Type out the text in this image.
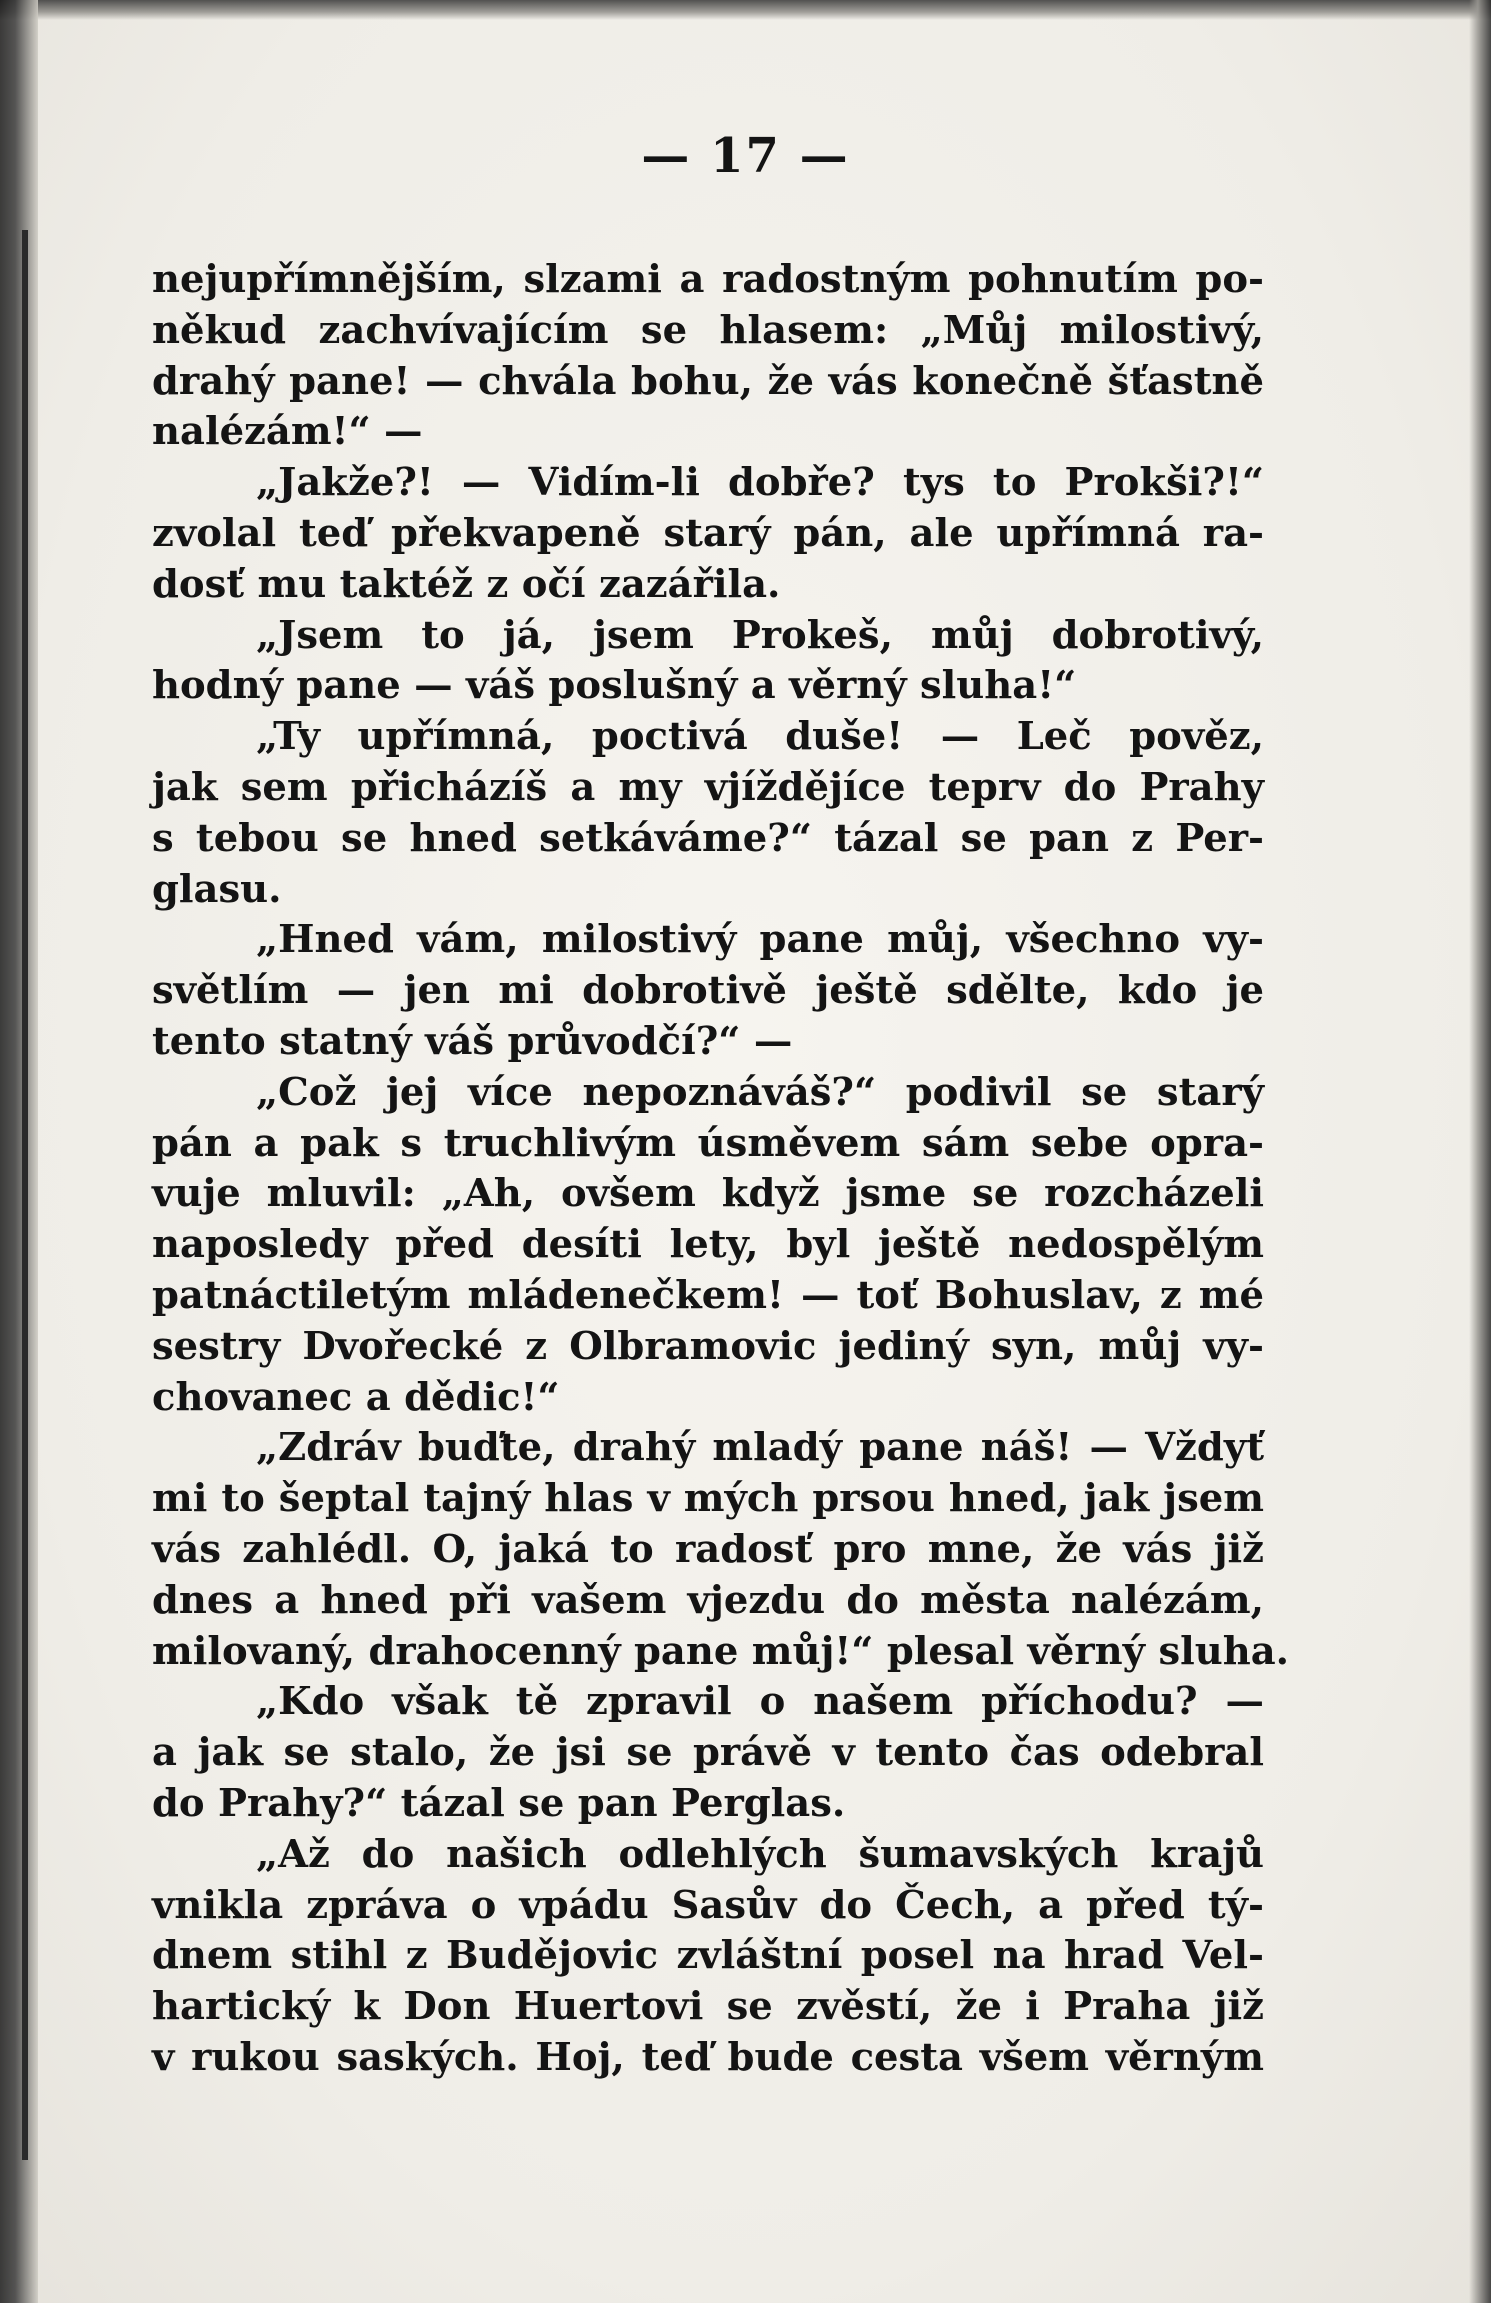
— 17 —
nejupřímnějším, slzami a radostným pohnutím po-
někud zachvívajícím se hlasem: „Můj milostivý,
drahý pane! — chvála bohu, že vás konečně šťastně
nalézám!“ —
„Jakže?! — Vidím-li dobře? tys to Prokši?!“
zvolal teď překvapeně starý pán, ale upřímná ra-
dosť mu taktéž z očí zazářila.
„Jsem to já, jsem Prokeš, můj dobrotivý,
hodný pane — váš poslušný a věrný sluha!“
„Ty upřímná, poctivá duše! — Leč pověz,
jak sem přicházíš a my vjíždějíce teprv do Prahy
s tebou se hned setkáváme?“ tázal se pan z Per-
glasu.
„Hned vám, milostivý pane můj, všechno vy-
světlím — jen mi dobrotivě ještě sdělte, kdo je
tento statný váš průvodčí?“ —
„Což jej více nepoznáváš?“ podivil se starý
pán a pak s truchlivým úsměvem sám sebe opra-
vuje mluvil: „Ah, ovšem když jsme se rozcházeli
naposledy před desíti lety, byl ještě nedospělým
patnáctiletým mládenečkem! — toť Bohuslav, z mé
sestry Dvořecké z Olbramovic jediný syn, můj vy-
chovanec a dědic!“
„Zdráv buďte, drahý mladý pane náš! — Vždyť
mi to šeptal tajný hlas v mých prsou hned, jak jsem
vás zahlédl. O, jaká to radosť pro mne, že vás již
dnes a hned při vašem vjezdu do města nalézám,
milovaný, drahocenný pane můj!“ plesal věrný sluha.
„Kdo však tě zpravil o našem příchodu? —
a jak se stalo, že jsi se právě v tento čas odebral
do Prahy?“ tázal se pan Perglas.
„Až do našich odlehlých šumavských krajů
vnikla zpráva o vpádu Sasův do Čech, a před tý-
dnem stihl z Budějovic zvláštní posel na hrad Vel-
hartický k Don Huertovi se zvěstí, že i Praha již
v rukou saských. Hoj, teď bude cesta všem věrným
